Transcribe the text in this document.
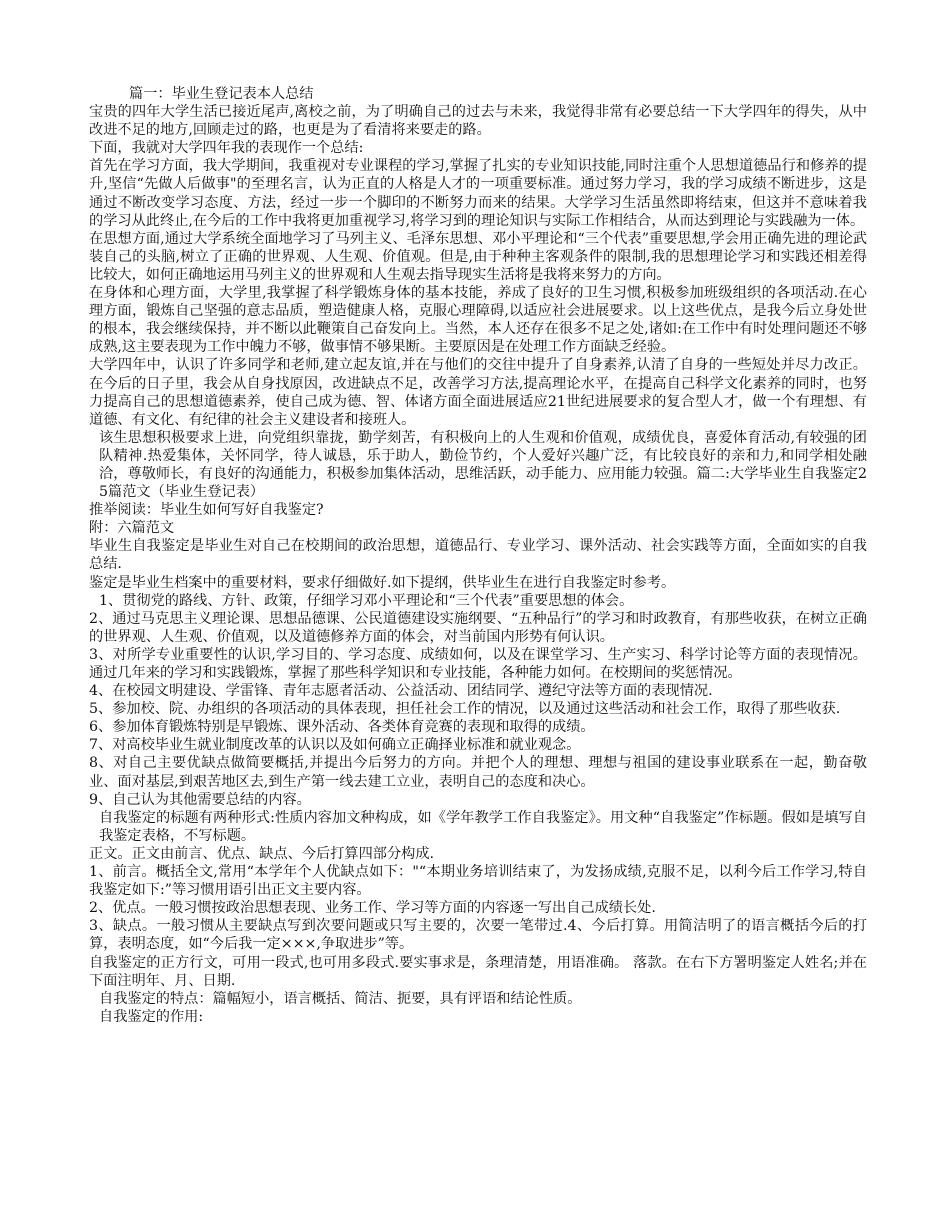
篇一：毕业生登记表本人总结

宝贵的四年大学生活已接近尾声,离校之前，为了明确自己的过去与未来，我觉得非常有必要总结一下大学四年的得失，从中改进不足的地方,回顾走过的路，也更是为了看清将来要走的路。

下面，我就对大学四年我的表现作一个总结:

首先在学习方面，我大学期间，我重视对专业课程的学习,掌握了扎实的专业知识技能,同时注重个人思想道德品行和修养的提升,坚信“先做人后做事"的至理名言，认为正直的人格是人才的一项重要标准。通过努力学习，我的学习成绩不断进步，这是通过不断改变学习态度、方法，经过一步一个脚印的不断努力而来的结果。大学学习生活虽然即将结束，但这并不意味着我的学习从此终止,在今后的工作中我将更加重视学习,将学习到的理论知识与实际工作相结合，从而达到理论与实践融为一体。

在思想方面,通过大学系统全面地学习了马列主义、毛泽东思想、邓小平理论和“三个代表”重要思想,学会用正确先进的理论武装自己的头脑,树立了正确的世界观、人生观、价值观。但是,由于种种主客观条件的限制,我的思想理论学习和实践还相差得比较大，如何正确地运用马列主义的世界观和人生观去指导现实生活将是我将来努力的方向。

在身体和心理方面，大学里,我掌握了科学锻炼身体的基本技能，养成了良好的卫生习惯,积极参加班级组织的各项活动.在心理方面，锻炼自己坚强的意志品质，塑造健康人格，克服心理障碍,以适应社会进展要求。以上这些优点，是我今后立身处世的根本，我会继续保持，并不断以此鞭策自己奋发向上。当然，本人还存在很多不足之处,诸如:在工作中有时处理问题还不够成熟,这主要表现为工作中魄力不够，做事情不够果断。主要原因是在处理工作方面缺乏经验。

大学四年中，认识了许多同学和老师,建立起友谊,并在与他们的交往中提升了自身素养,认清了自身的一些短处并尽力改正。在今后的日子里，我会从自身找原因，改进缺点不足，改善学习方法,提高理论水平，在提高自己科学文化素养的同时，也努力提高自己的思想道德素养，使自己成为德、智、体诸方面全面进展适应21世纪进展要求的复合型人才，做一个有理想、有道德、有文化、有纪律的社会主义建设者和接班人。

该生思想积极要求上进，向党组织靠拢，勤学刻苦，有积极向上的人生观和价值观，成绩优良，喜爱体育活动,有较强的团队精神.热爱集体，关怀同学，待人诚恳，乐于助人，勤俭节约，个人爱好兴趣广泛，有比较良好的亲和力,和同学相处融洽，尊敬师长，有良好的沟通能力，积极参加集体活动，思维活跃，动手能力、应用能力较强。篇二:大学毕业生自我鉴定25篇范文（毕业生登记表）

推举阅读：毕业生如何写好自我鉴定?

附：六篇范文

毕业生自我鉴定是毕业生对自己在校期间的政治思想，道德品行、专业学习、课外活动、社会实践等方面，全面如实的自我总结.

鉴定是毕业生档案中的重要材料，要求仔细做好.如下提纲，供毕业生在进行自我鉴定时参考。

1、贯彻党的路线、方针、政策，仔细学习邓小平理论和“三个代表”重要思想的体会。

2、通过马克思主义理论课、思想品德课、公民道德建设实施纲要、“五种品行”的学习和时政教育，有那些收获，在树立正确的世界观、人生观、价值观，以及道德修养方面的体会，对当前国内形势有何认识。

3、对所学专业重要性的认识,学习目的、学习态度、成绩如何，以及在课堂学习、生产实习、科学讨论等方面的表现情况。通过几年来的学习和实践锻炼，掌握了那些科学知识和专业技能，各种能力如何。在校期间的奖惩情况。

4、在校园文明建设、学雷锋、青年志愿者活动、公益活动、团结同学、遵纪守法等方面的表现情况.

5、参加校、院、办组织的各项活动的具体表现，担任社会工作的情况，以及通过这些活动和社会工作，取得了那些收获.

6、参加体育锻炼特别是早锻炼、课外活动、各类体育竞赛的表现和取得的成绩。

7、对高校毕业生就业制度改革的认识以及如何确立正确择业标准和就业观念。

8、对自己主要优缺点做简要概括,并提出今后努力的方向。并把个人的理想、理想与祖国的建设事业联系在一起，勤奋敬业、面对基层,到艰苦地区去,到生产第一线去建工立业，表明自己的态度和决心。

9、自己认为其他需要总结的内容。

自我鉴定的标题有两种形式:性质内容加文种构成，如《学年教学工作自我鉴定》。用文种“自我鉴定”作标题。假如是填写自我鉴定表格，不写标题。

正文。正文由前言、优点、缺点、今后打算四部分构成.

1、前言。概括全文,常用“本学年个人优缺点如下："“本期业务培训结束了，为发扬成绩,克服不足，以利今后工作学习,特自我鉴定如下:”等习惯用语引出正文主要内容。

2、优点。一般习惯按政治思想表现、业务工作、学习等方面的内容逐一写出自己成绩长处.

3、缺点。一般习惯从主要缺点写到次要问题或只写主要的，次要一笔带过.4、今后打算。用简洁明了的语言概括今后的打算，表明态度，如“今后我一定×××,争取进步”等。

自我鉴定的正方行文，可用一段式,也可用多段式.要实事求是，条理清楚，用语准确。 落款。在右下方署明鉴定人姓名;并在下面注明年、月、日期.

自我鉴定的特点：篇幅短小，语言概括、简洁、扼要，具有评语和结论性质。

自我鉴定的作用:
